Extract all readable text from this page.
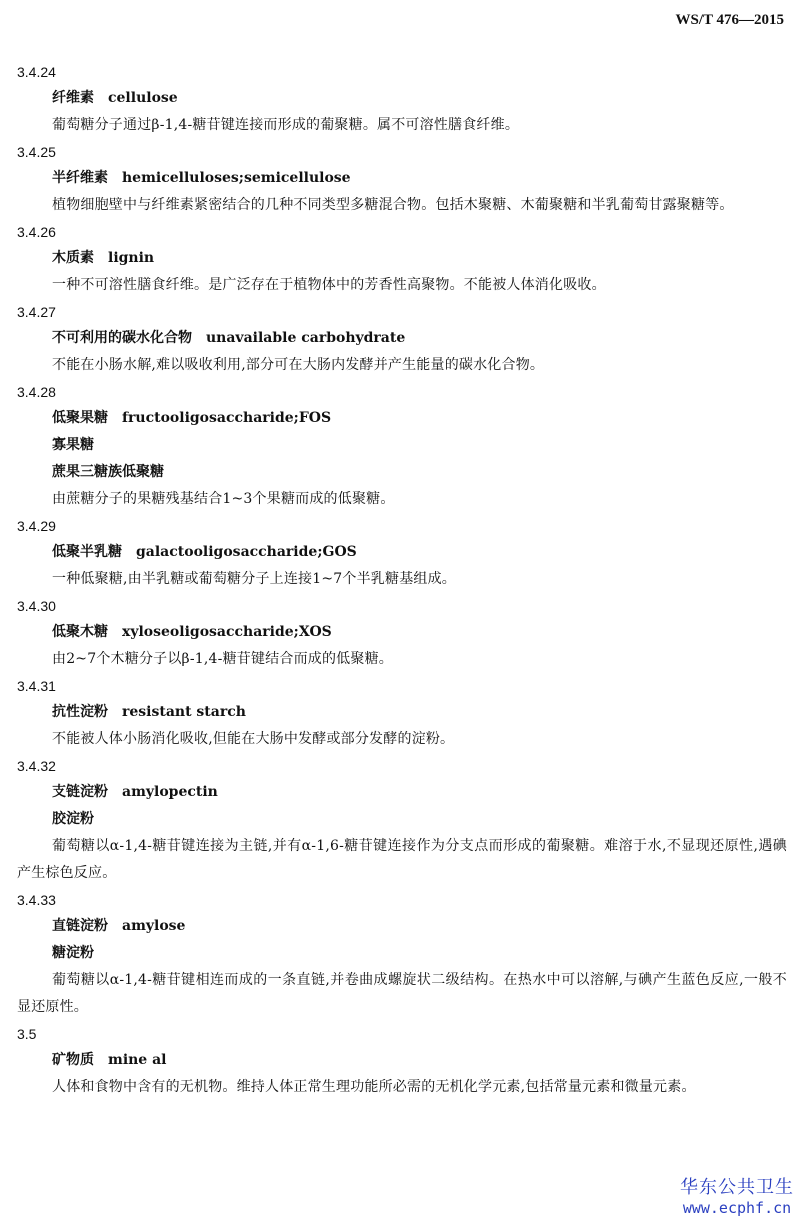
WS/T 476—2015
3.4.24
纤维素 cellulose
葡萄糖分子通过β-1,4-糖苷键连接而形成的葡聚糖。属不可溶性膳食纤维。
3.4.25
半纤维素 hemicelluloses;semicellulose
植物细胞壁中与纤维素紧密结合的几种不同类型多糖混合物。包括木聚糖、木葡聚糖和半乳葡萄甘露聚糖等。
3.4.26
木质素 lignin
一种不可溶性膳食纤维。是广泛存在于植物体中的芳香性高聚物。不能被人体消化吸收。
3.4.27
不可利用的碳水化合物 unavailable carbohydrate
不能在小肠水解,难以吸收利用,部分可在大肠内发酵并产生能量的碳水化合物。
3.4.28
低聚果糖 fructooligosaccharide;FOS
寡果糖
蔗果三糖族低聚糖
由蔗糖分子的果糖残基结合1~3个果糖而成的低聚糖。
3.4.29
低聚半乳糖 galactooligosaccharide;GOS
一种低聚糖,由半乳糖或葡萄糖分子上连接1~7个半乳糖基组成。
3.4.30
低聚木糖 xyloseoligosaccharide;XOS
由2~7个木糖分子以β-1,4-糖苷键结合而成的低聚糖。
3.4.31
抗性淀粉 resistant starch
不能被人体小肠消化吸收,但能在大肠中发酵或部分发酵的淀粉。
3.4.32
支链淀粉 amylopectin
胶淀粉
葡萄糖以α-1,4-糖苷键连接为主链,并有α-1,6-糖苷键连接作为分支点而形成的葡聚糖。难溶于水,不显现还原性,遇碘产生棕色反应。
3.4.33
直链淀粉 amylose
糖淀粉
葡萄糖以α-1,4-糖苷键相连而成的一条直链,并卷曲成螺旋状二级结构。在热水中可以溶解,与碘产生蓝色反应,一般不显还原性。
3.5
矿物质 mine al
人体和食物中含有的无机物。维持人体正常生理功能所必需的无机化学元素,包括常量元素和微量元素。
华东公共卫生
www.ecphf.cn
